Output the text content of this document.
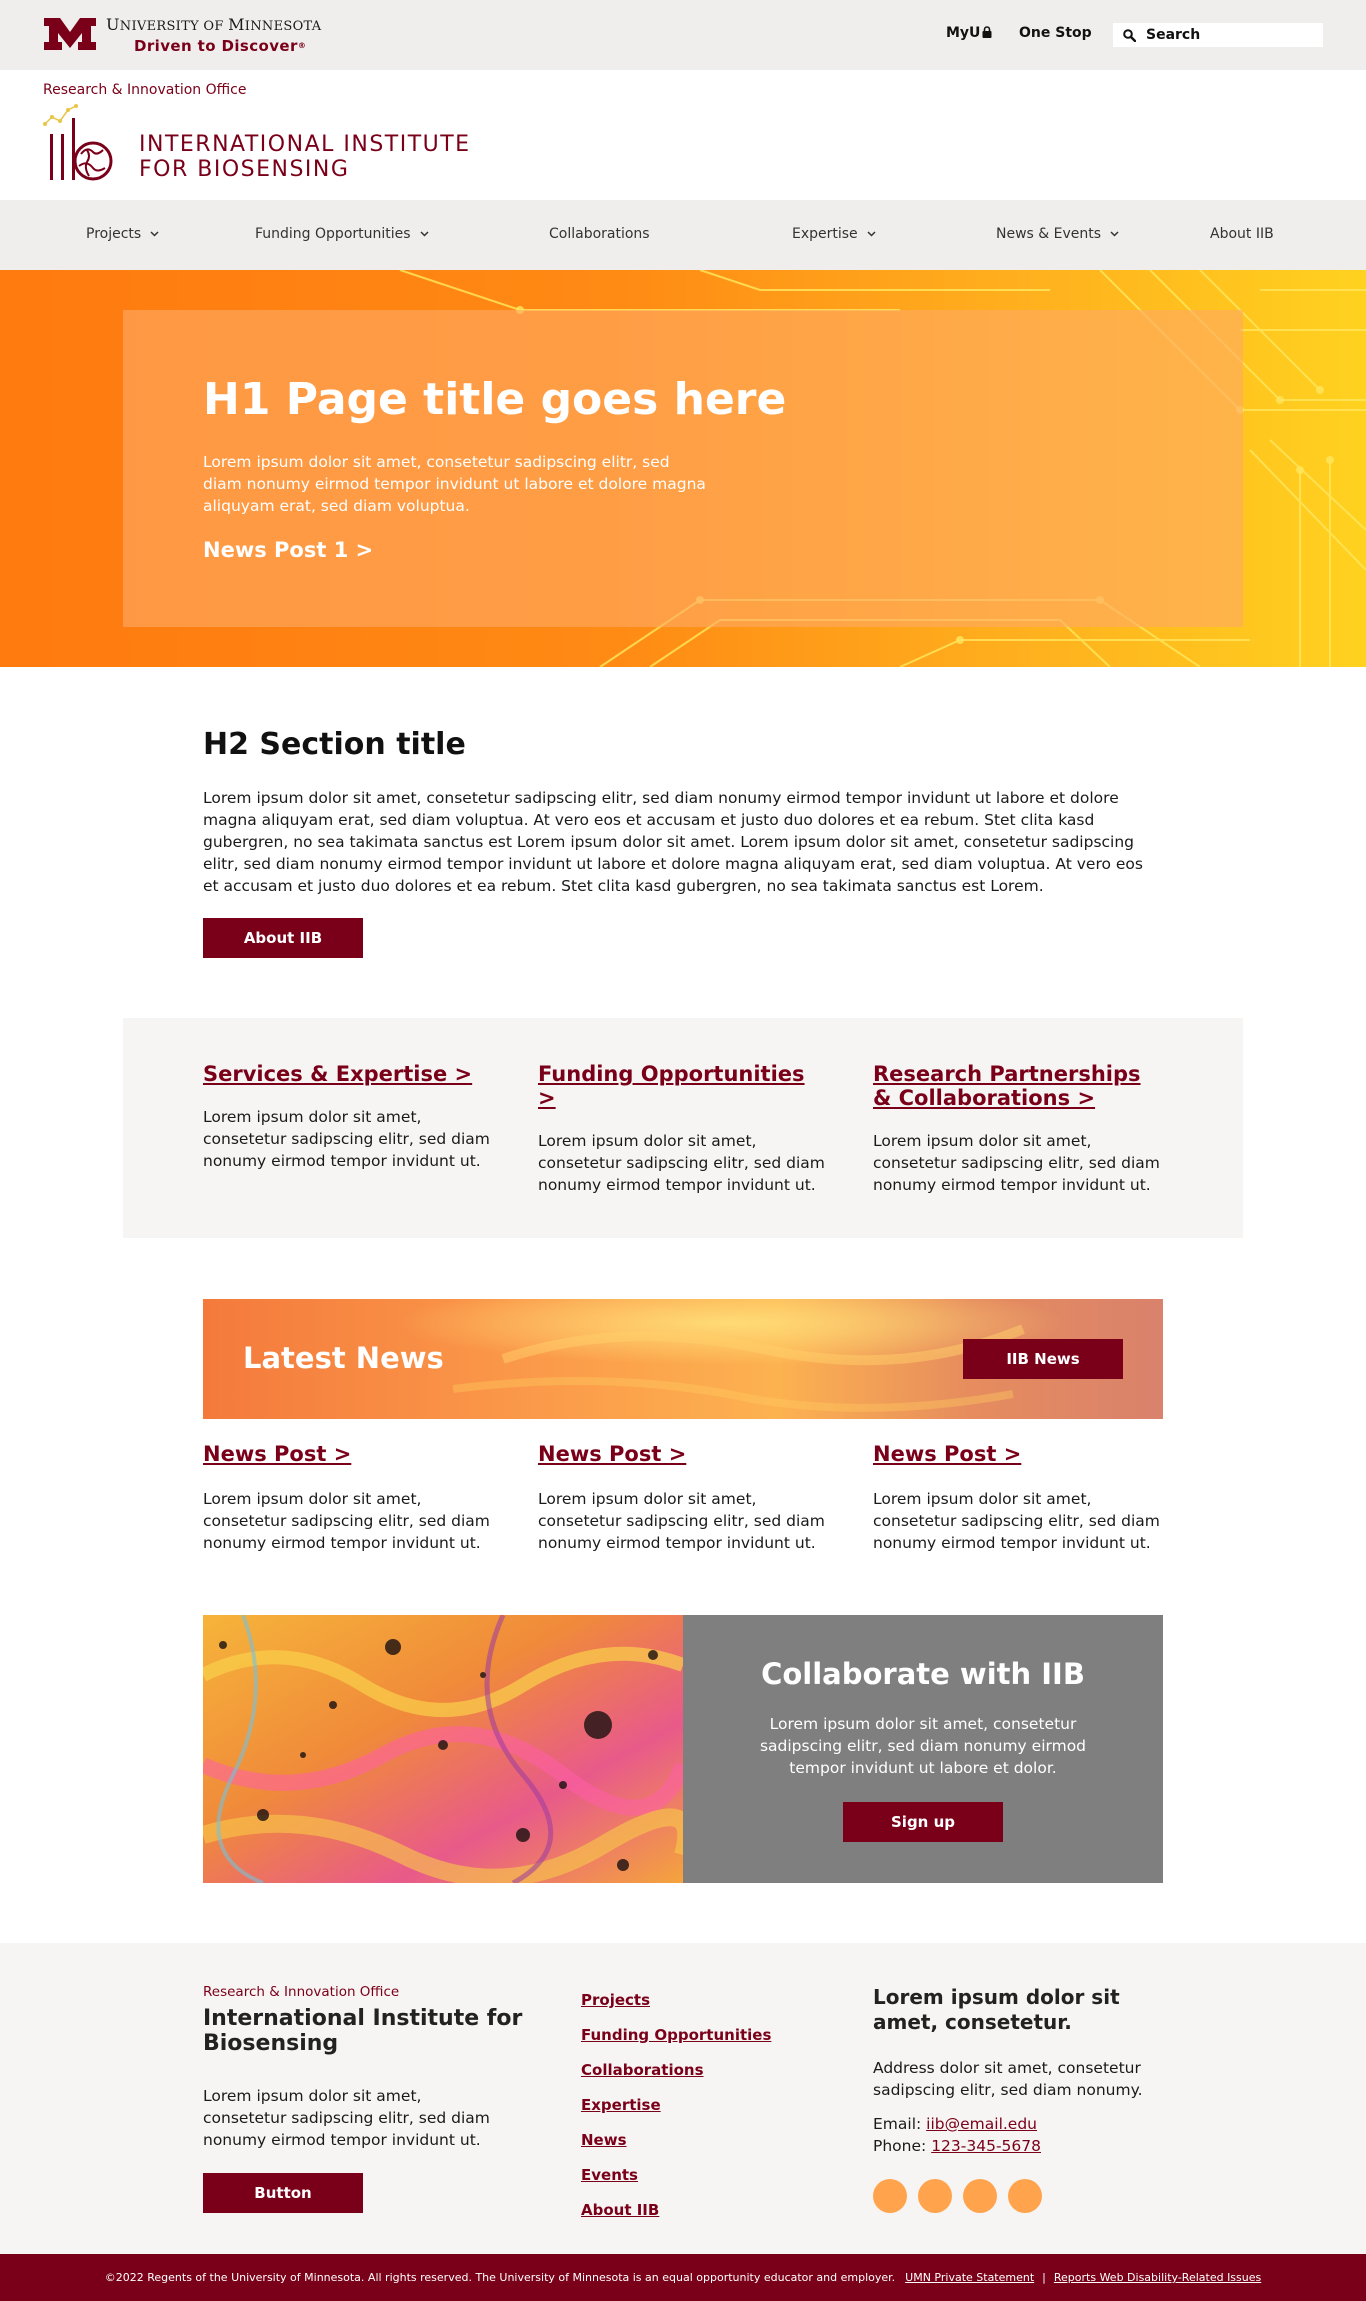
UNIVERSITY OF MINNESOTA
Driven to Discover®
MyU	One Stop
Search
Research & Innovation Office
INTERNATIONAL INSTITUTE
FOR BIOSENSING
Projects	Funding Opportunities	Collaborations	Expertise	News & Events	About IIB
H1 Page title goes here

Lorem ipsum dolor sit amet, consetetur sadipscing elitr, sed diam nonumy eirmod tempor invidunt ut labore et dolore magna aliquyam erat, sed diam voluptua.

News Post 1 >
H2 Section title

Lorem ipsum dolor sit amet, consetetur sadipscing elitr, sed diam nonumy eirmod tempor invidunt ut labore et dolore magna aliquyam erat, sed diam voluptua. At vero eos et accusam et justo duo dolores et ea rebum. Stet clita kasd gubergren, no sea takimata sanctus est Lorem ipsum dolor sit amet. Lorem ipsum dolor sit amet, consetetur sadipscing elitr, sed diam nonumy eirmod tempor invidunt ut labore et dolore magna aliquyam erat, sed diam voluptua. At vero eos et accusam et justo duo dolores et ea rebum. Stet clita kasd gubergren, no sea takimata sanctus est Lorem.

About IIB
Services & Expertise >

Lorem ipsum dolor sit amet, consetetur sadipscing elitr, sed diam nonumy eirmod tempor invidunt ut.

Funding Opportunities >

Lorem ipsum dolor sit amet, consetetur sadipscing elitr, sed diam nonumy eirmod tempor invidunt ut.

Research Partnerships & Collaborations >

Lorem ipsum dolor sit amet, consetetur sadipscing elitr, sed diam nonumy eirmod tempor invidunt ut.

Latest News	IIB News
News Post >

Lorem ipsum dolor sit amet, consetetur sadipscing elitr, sed diam nonumy eirmod tempor invidunt ut.

News Post >

Lorem ipsum dolor sit amet, consetetur sadipscing elitr, sed diam nonumy eirmod tempor invidunt ut.

News Post >

Lorem ipsum dolor sit amet, consetetur sadipscing elitr, sed diam nonumy eirmod tempor invidunt ut.

Collaborate with IIB

Lorem ipsum dolor sit amet, consetetur sadipscing elitr, sed diam nonumy eirmod tempor invidunt ut labore et dolor.

Sign up
Research & Innovation Office
International Institute for Biosensing

Lorem ipsum dolor sit amet, consetetur sadipscing elitr, sed diam nonumy eirmod tempor invidunt ut.

Button
Projects
Funding Opportunities
Collaborations
Expertise
News
Events
About IIB
Lorem ipsum dolor sit amet, consetetur.

Address dolor sit amet, consetetur sadipscing elitr, sed diam nonumy.

Email: iib@email.edu
Phone: 123-345-5678
©2022 Regents of the University of Minnesota. All rights reserved. The University of Minnesota is an equal opportunity educator and employer. UMN Private Statement | Reports Web Disability-Related Issues
